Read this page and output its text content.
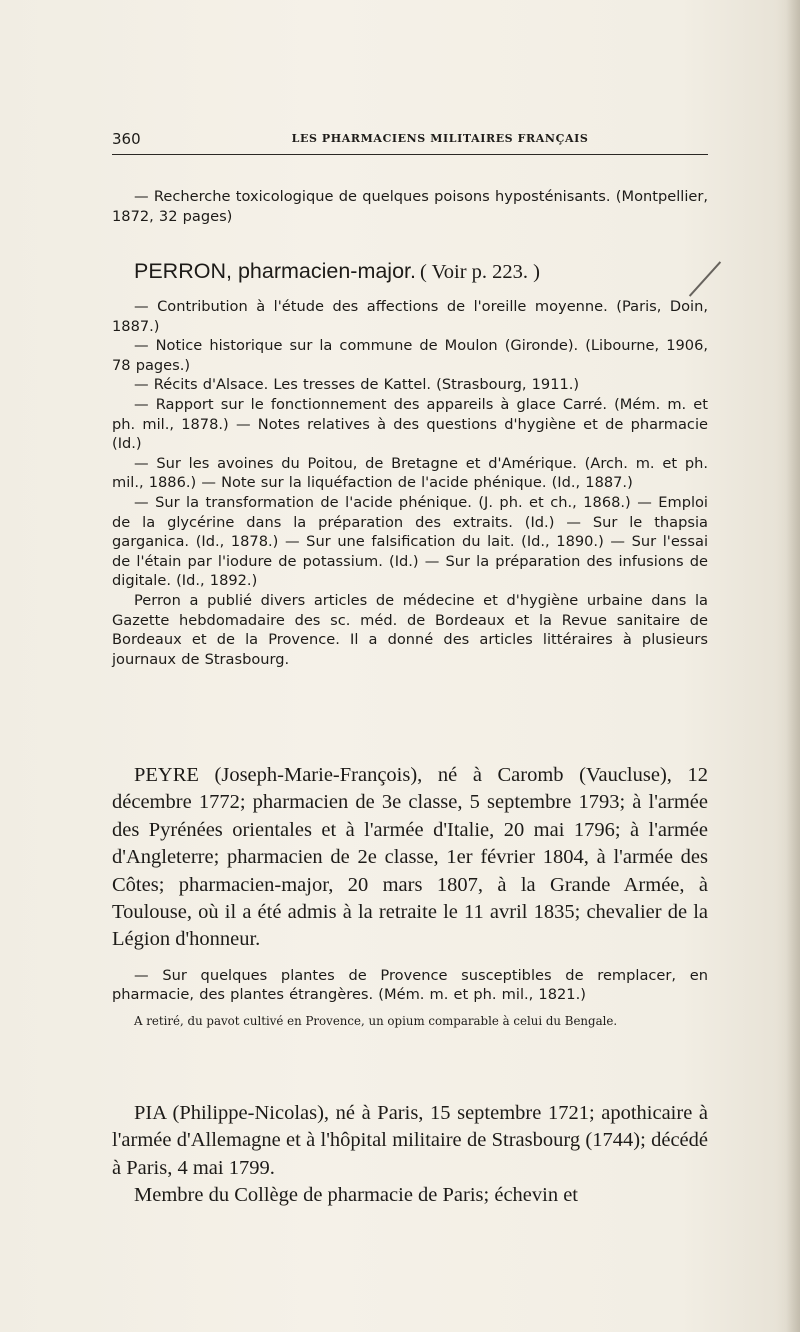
360	LES PHARMACIENS MILITAIRES FRANÇAIS

— Recherche toxicologique de quelques poisons hyposténisants. (Montpellier, 1872, 32 pages)

PERRON, pharmacien-major. ( Voir p. 223. )

— Contribution à l'étude des affections de l'oreille moyenne. (Paris, Doin, 1887.)

— Notice historique sur la commune de Moulon (Gironde). (Libourne, 1906, 78 pages.)

— Récits d'Alsace. Les tresses de Kattel. (Strasbourg, 1911.)

— Rapport sur le fonctionnement des appareils à glace Carré. (Mém. m. et ph. mil., 1878.) — Notes relatives à des questions d'hygiène et de pharmacie (Id.)

— Sur les avoines du Poitou, de Bretagne et d'Amérique. (Arch. m. et ph. mil., 1886.) — Note sur la liquéfaction de l'acide phénique. (Id., 1887.)

— Sur la transformation de l'acide phénique. (J. ph. et ch., 1868.) — Emploi de la glycérine dans la préparation des extraits. (Id.) — Sur le thapsia garganica. (Id., 1878.) — Sur une falsification du lait. (Id., 1890.) — Sur l'essai de l'étain par l'iodure de potassium. (Id.) — Sur la préparation des infusions de digitale. (Id., 1892.)

Perron a publié divers articles de médecine et d'hygiène urbaine dans la Gazette hebdomadaire des sc. méd. de Bordeaux et la Revue sanitaire de Bordeaux et de la Provence. Il a donné des articles littéraires à plusieurs journaux de Strasbourg.

PEYRE (Joseph-Marie-François), né à Caromb (Vaucluse), 12 décembre 1772; pharmacien de 3e classe, 5 septembre 1793; à l'armée des Pyrénées orientales et à l'armée d'Italie, 20 mai 1796; à l'armée d'Angleterre; pharmacien de 2e classe, 1er février 1804, à l'armée des Côtes; pharmacien-major, 20 mars 1807, à la Grande Armée, à Toulouse, où il a été admis à la retraite le 11 avril 1835; chevalier de la Légion d'honneur.

— Sur quelques plantes de Provence susceptibles de remplacer, en pharmacie, des plantes étrangères. (Mém. m. et ph. mil., 1821.)

A retiré, du pavot cultivé en Provence, un opium comparable à celui du Bengale.

PIA (Philippe-Nicolas), né à Paris, 15 septembre 1721; apothicaire à l'armée d'Allemagne et à l'hôpital militaire de Strasbourg (1744); décédé à Paris, 4 mai 1799.

Membre du Collège de pharmacie de Paris; échevin et
